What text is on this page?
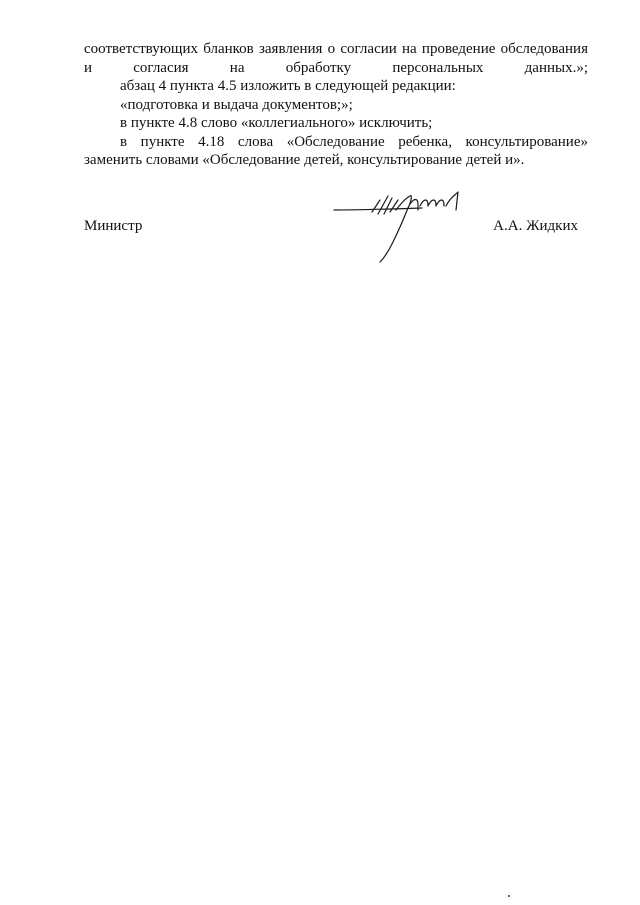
соответствующих бланков заявления о согласии на проведение обследования и согласия на обработку персональных данных.»;

абзац 4 пункта 4.5 изложить в следующей редакции:

«подготовка и выдача документов;»;

в пункте 4.8 слово «коллегиального» исключить;

в пункте 4.18 слова «Обследование ребенка, консультирование» заменить словами «Обследование детей, консультирование детей и».

Министр	А.А. Жидких
